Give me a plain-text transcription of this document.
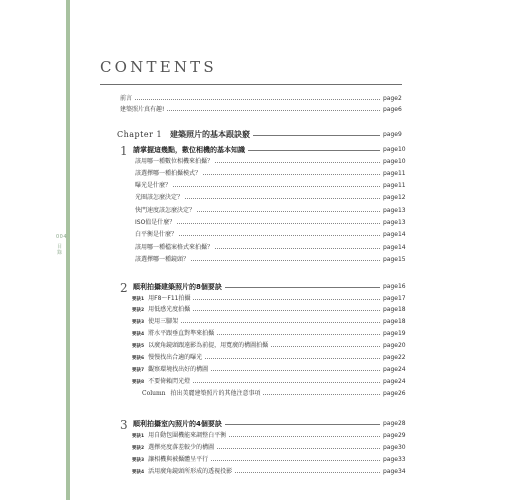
004
目錄
CONTENTS
前言	page2
建築照片真有趣!	page6
Chapter 1 建築照片的基本跟訣竅	page9
1 請掌握這幾點，數位相機的基本知識	page10
該用哪一種數位相機來拍攝？	page10
該選擇哪一種拍攝模式？	page11
曝光是什麼？	page11
光圈該怎麼決定？	page12
快門速度該怎麼決定？	page13
ISO值是什麼？	page13
白平衡是什麼？	page14
該用哪一種檔案格式來拍攝？	page14
該選擇哪一種鏡頭？	page15
2 順利拍攝建築照片的8個要訣	page16
要訣1 用F8～F11拍攝	page17
要訣2 用低感光度拍攝	page18
要訣3 使用三腳架	page18
要訣4 將水平跟垂直對準來拍攝	page19
要訣5 以廣角鏡頭跟遠影為前提，用寬廣的構圖拍攝	page20
要訣6 慢慢找出合適的曝光	page22
要訣7 觀察環境找出好的構圖	page24
要訣8 不要倚賴閃光燈	page24
Column 拍出美麗建築照片的其他注意事項	page26
3 順利拍攝室內照片的4個要訣	page28
要訣1 用自動包圍機能來調整白平衡	page29
要訣2 選擇亮度落差較少的構圖	page30
要訣3 讓相機與被攝體呈平行	page33
要訣4 活用廣角鏡頭所形成的透視投影	page34
